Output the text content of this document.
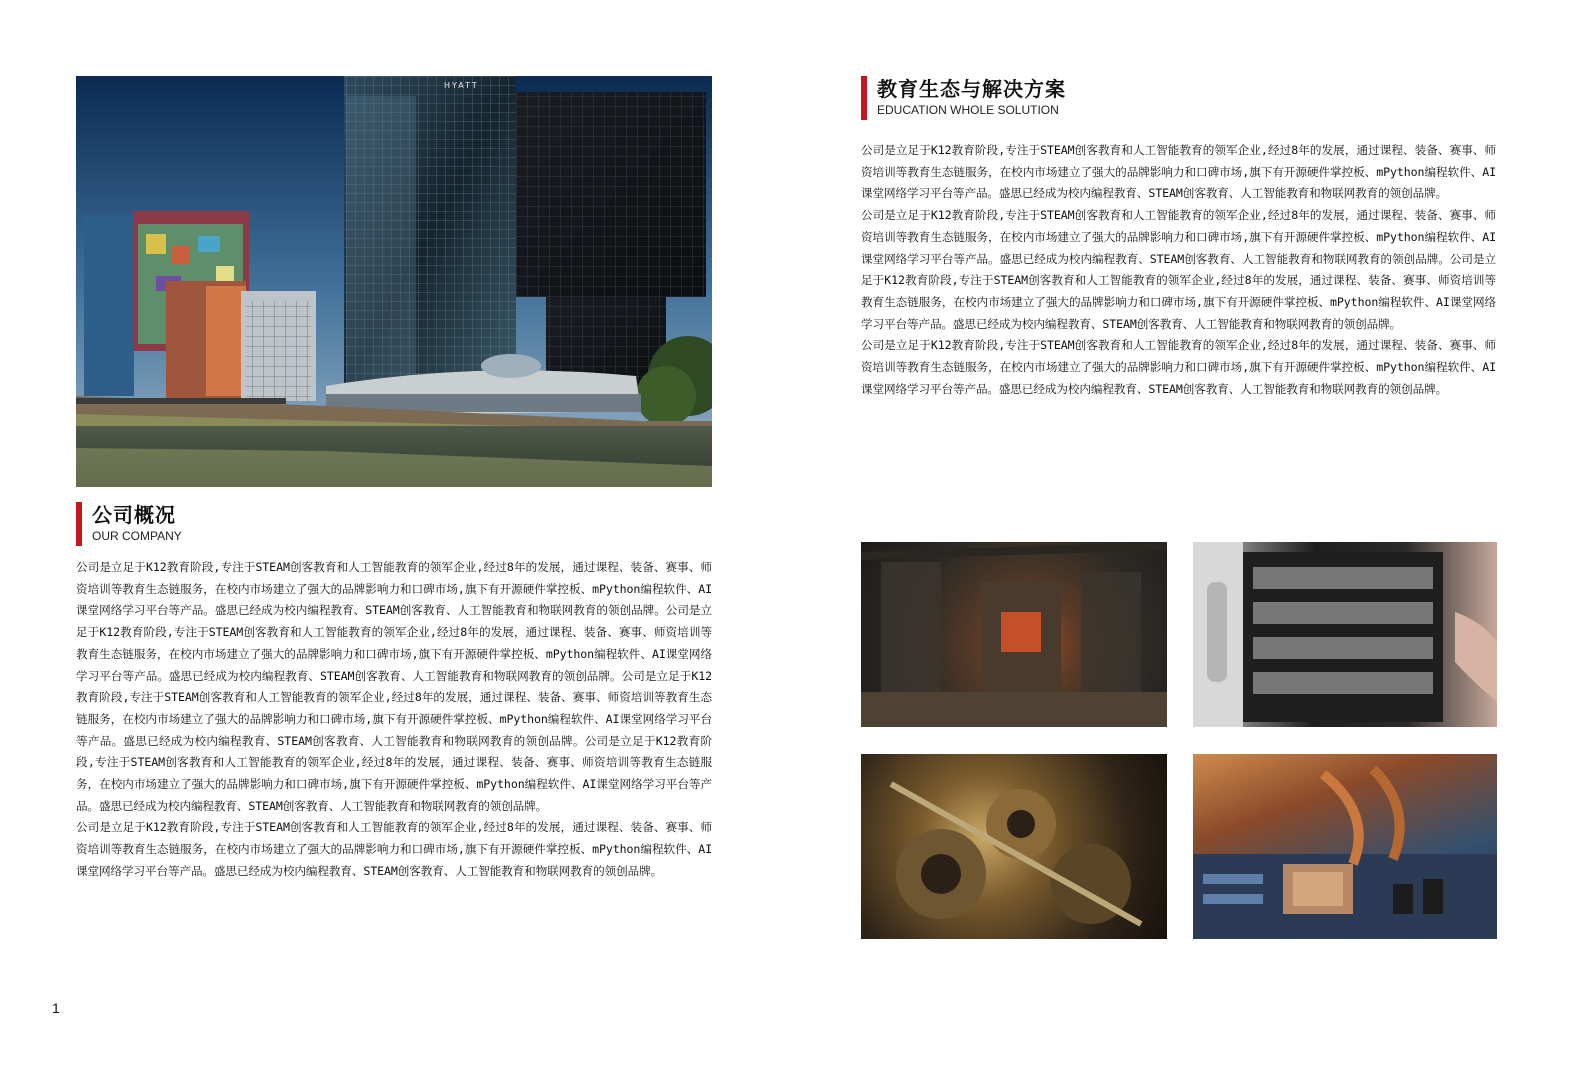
HYATT
公司概况
OUR COMPANY

公司是立足于K12教育阶段,专注于STEAM创客教育和人工智能教育的领军企业,经过8年的发展，通过课程、装备、赛事、师资培训等教育生态链服务，在校内市场建立了强大的品牌影响力和口碑市场,旗下有开源硬件掌控板、mPython编程软件、AI课堂网络学习平台等产品。盛思已经成为校内编程教育、STEAM创客教育、人工智能教育和物联网教育的领创品牌。公司是立足于K12教育阶段,专注于STEAM创客教育和人工智能教育的领军企业,经过8年的发展，通过课程、装备、赛事、师资培训等教育生态链服务，在校内市场建立了强大的品牌影响力和口碑市场,旗下有开源硬件掌控板、mPython编程软件、AI课堂网络学习平台等产品。盛思已经成为校内编程教育、STEAM创客教育、人工智能教育和物联网教育的领创品牌。公司是立足于K12教育阶段,专注于STEAM创客教育和人工智能教育的领军企业,经过8年的发展，通过课程、装备、赛事、师资培训等教育生态链服务，在校内市场建立了强大的品牌影响力和口碑市场,旗下有开源硬件掌控板、mPython编程软件、AI课堂网络学习平台等产品。盛思已经成为校内编程教育、STEAM创客教育、人工智能教育和物联网教育的领创品牌。公司是立足于K12教育阶段,专注于STEAM创客教育和人工智能教育的领军企业,经过8年的发展，通过课程、装备、赛事、师资培训等教育生态链服务，在校内市场建立了强大的品牌影响力和口碑市场,旗下有开源硬件掌控板、mPython编程软件、AI课堂网络学习平台等产品。盛思已经成为校内编程教育、STEAM创客教育、人工智能教育和物联网教育的领创品牌。

公司是立足于K12教育阶段,专注于STEAM创客教育和人工智能教育的领军企业,经过8年的发展，通过课程、装备、赛事、师资培训等教育生态链服务，在校内市场建立了强大的品牌影响力和口碑市场,旗下有开源硬件掌控板、mPython编程软件、AI课堂网络学习平台等产品。盛思已经成为校内编程教育、STEAM创客教育、人工智能教育和物联网教育的领创品牌。

教育生态与解决方案
EDUCATION WHOLE SOLUTION

公司是立足于K12教育阶段,专注于STEAM创客教育和人工智能教育的领军企业,经过8年的发展，通过课程、装备、赛事、师资培训等教育生态链服务，在校内市场建立了强大的品牌影响力和口碑市场,旗下有开源硬件掌控板、mPython编程软件、AI课堂网络学习平台等产品。盛思已经成为校内编程教育、STEAM创客教育、人工智能教育和物联网教育的领创品牌。

公司是立足于K12教育阶段,专注于STEAM创客教育和人工智能教育的领军企业,经过8年的发展，通过课程、装备、赛事、师资培训等教育生态链服务，在校内市场建立了强大的品牌影响力和口碑市场,旗下有开源硬件掌控板、mPython编程软件、AI课堂网络学习平台等产品。盛思已经成为校内编程教育、STEAM创客教育、人工智能教育和物联网教育的领创品牌。公司是立足于K12教育阶段,专注于STEAM创客教育和人工智能教育的领军企业,经过8年的发展，通过课程、装备、赛事、师资培训等教育生态链服务，在校内市场建立了强大的品牌影响力和口碑市场,旗下有开源硬件掌控板、mPython编程软件、AI课堂网络学习平台等产品。盛思已经成为校内编程教育、STEAM创客教育、人工智能教育和物联网教育的领创品牌。

公司是立足于K12教育阶段,专注于STEAM创客教育和人工智能教育的领军企业,经过8年的发展，通过课程、装备、赛事、师资培训等教育生态链服务，在校内市场建立了强大的品牌影响力和口碑市场,旗下有开源硬件掌控板、mPython编程软件、AI课堂网络学习平台等产品。盛思已经成为校内编程教育、STEAM创客教育、人工智能教育和物联网教育的领创品牌。

1
